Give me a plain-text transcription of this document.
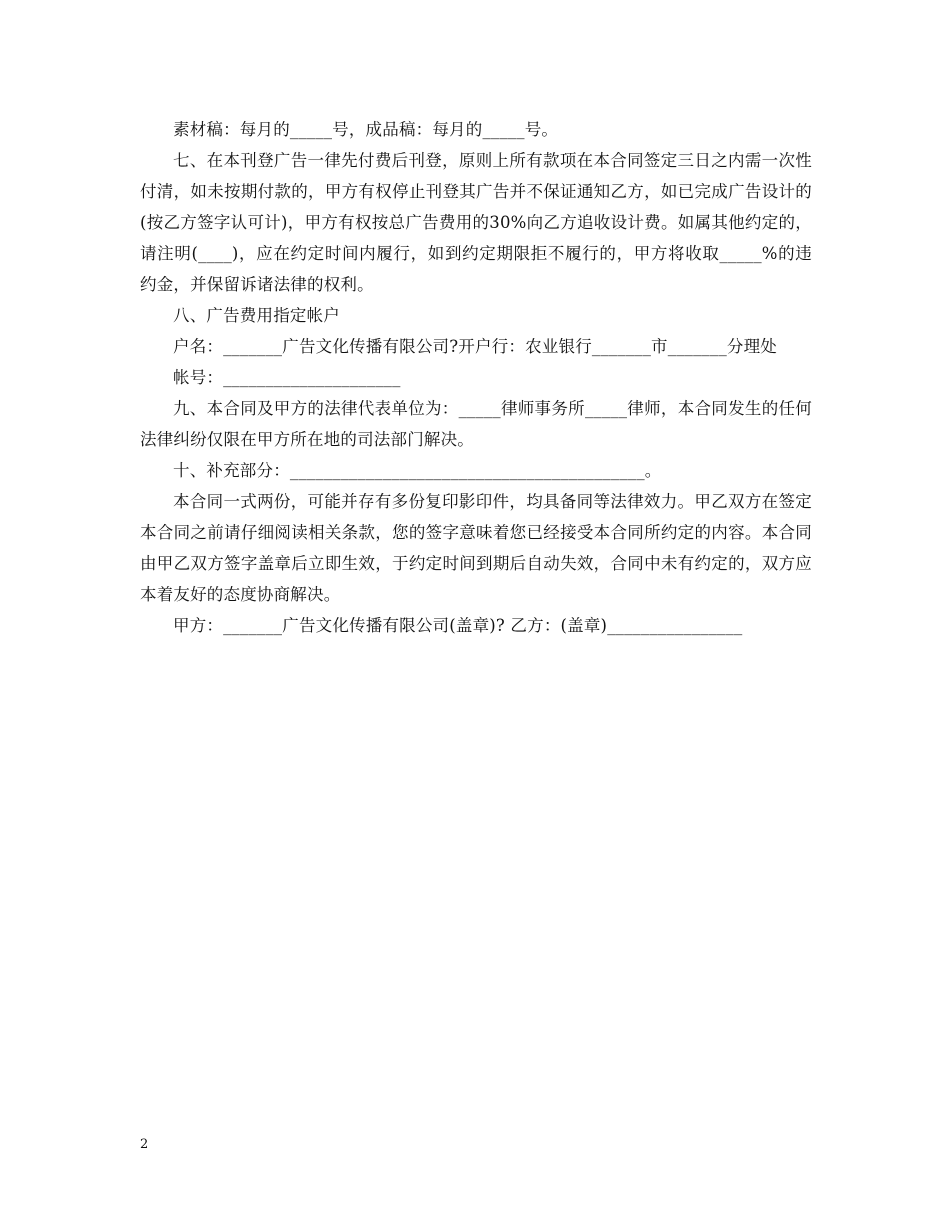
素材稿：每月的_____号，成品稿：每月的_____号。

七、在本刊登广告一律先付费后刊登，原则上所有款项在本合同签定三日之内需一次性付清，如未按期付款的，甲方有权停止刊登其广告并不保证通知乙方，如已完成广告设计的(按乙方签字认可计)，甲方有权按总广告费用的30%向乙方追收设计费。如属其他约定的，请注明(____)，应在约定时间内履行，如到约定期限拒不履行的，甲方将收取_____%的违约金，并保留诉诸法律的权利。

八、广告费用指定帐户

户名：_______广告文化传播有限公司?开户行：农业银行_______市_______分理处

帐号：_____________________

九、本合同及甲方的法律代表单位为：_____律师事务所_____律师，本合同发生的任何法律纠纷仅限在甲方所在地的司法部门解决。

十、补充部分：__________________________________________。

本合同一式两份，可能并存有多份复印影印件，均具备同等法律效力。甲乙双方在签定本合同之前请仔细阅读相关条款，您的签字意味着您已经接受本合同所约定的内容。本合同由甲乙双方签字盖章后立即生效，于约定时间到期后自动失效，合同中未有约定的，双方应本着友好的态度协商解决。

甲方：_______广告文化传播有限公司(盖章)? 乙方：(盖章)________________

2
